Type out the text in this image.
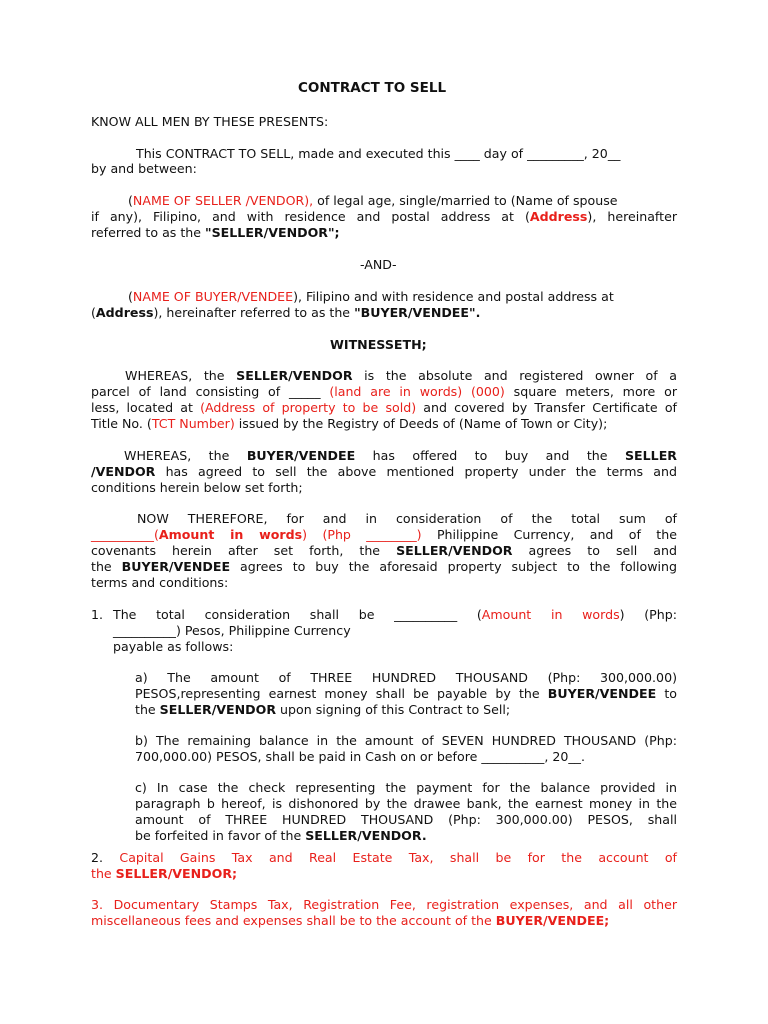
CONTRACT TO SELL
KNOW ALL MEN BY THESE PRESENTS:
This CONTRACT TO SELL, made and executed this ____ day of _________, 20__
by and between:
(NAME OF SELLER /VENDOR), of legal age, single/married to (Name of spouse
if any), Filipino, and with residence and postal address at (Address), hereinafter
referred to as the "SELLER/VENDOR";
-AND-
(NAME OF BUYER/VENDEE), Filipino and with residence and postal address at
(Address), hereinafter referred to as the "BUYER/VENDEE".
WITNESSETH;
WHEREAS, the SELLER/VENDOR is the absolute and registered owner of a
parcel of land consisting of _____ (land are in words) (000) square meters, more or
less, located at (Address of property to be sold) and covered by Transfer Certificate of
Title No. (TCT Number) issued by the Registry of Deeds of (Name of Town or City);
WHEREAS, the BUYER/VENDEE has offered to buy and the SELLER
/VENDOR has agreed to sell the above mentioned property under the terms and
conditions herein below set forth;
NOW THEREFORE, for and in consideration of the total sum of
__________(Amount in words) (Php ________) Philippine Currency, and of the
covenants herein after set forth, the SELLER/VENDOR agrees to sell and
the BUYER/VENDEE agrees to buy the aforesaid property subject to the following
terms and conditions:
1. The total consideration shall be __________ (Amount in words) (Php:
__________) Pesos, Philippine Currency
payable as follows:
a) The amount of THREE HUNDRED THOUSAND (Php: 300,000.00)
PESOS,representing earnest money shall be payable by the BUYER/VENDEE to
the SELLER/VENDOR upon signing of this Contract to Sell;
b) The remaining balance in the amount of SEVEN HUNDRED THOUSAND (Php:
700,000.00) PESOS, shall be paid in Cash on or before __________, 20__.
c) In case the check representing the payment for the balance provided in
paragraph b hereof, is dishonored by the drawee bank, the earnest money in the
amount of THREE HUNDRED THOUSAND (Php: 300,000.00) PESOS, shall
be forfeited in favor of the SELLER/VENDOR.
2. Capital Gains Tax and Real Estate Tax, shall be for the account of
the SELLER/VENDOR;
3. Documentary Stamps Tax, Registration Fee, registration expenses, and all other
miscellaneous fees and expenses shall be to the account of the BUYER/VENDEE;
